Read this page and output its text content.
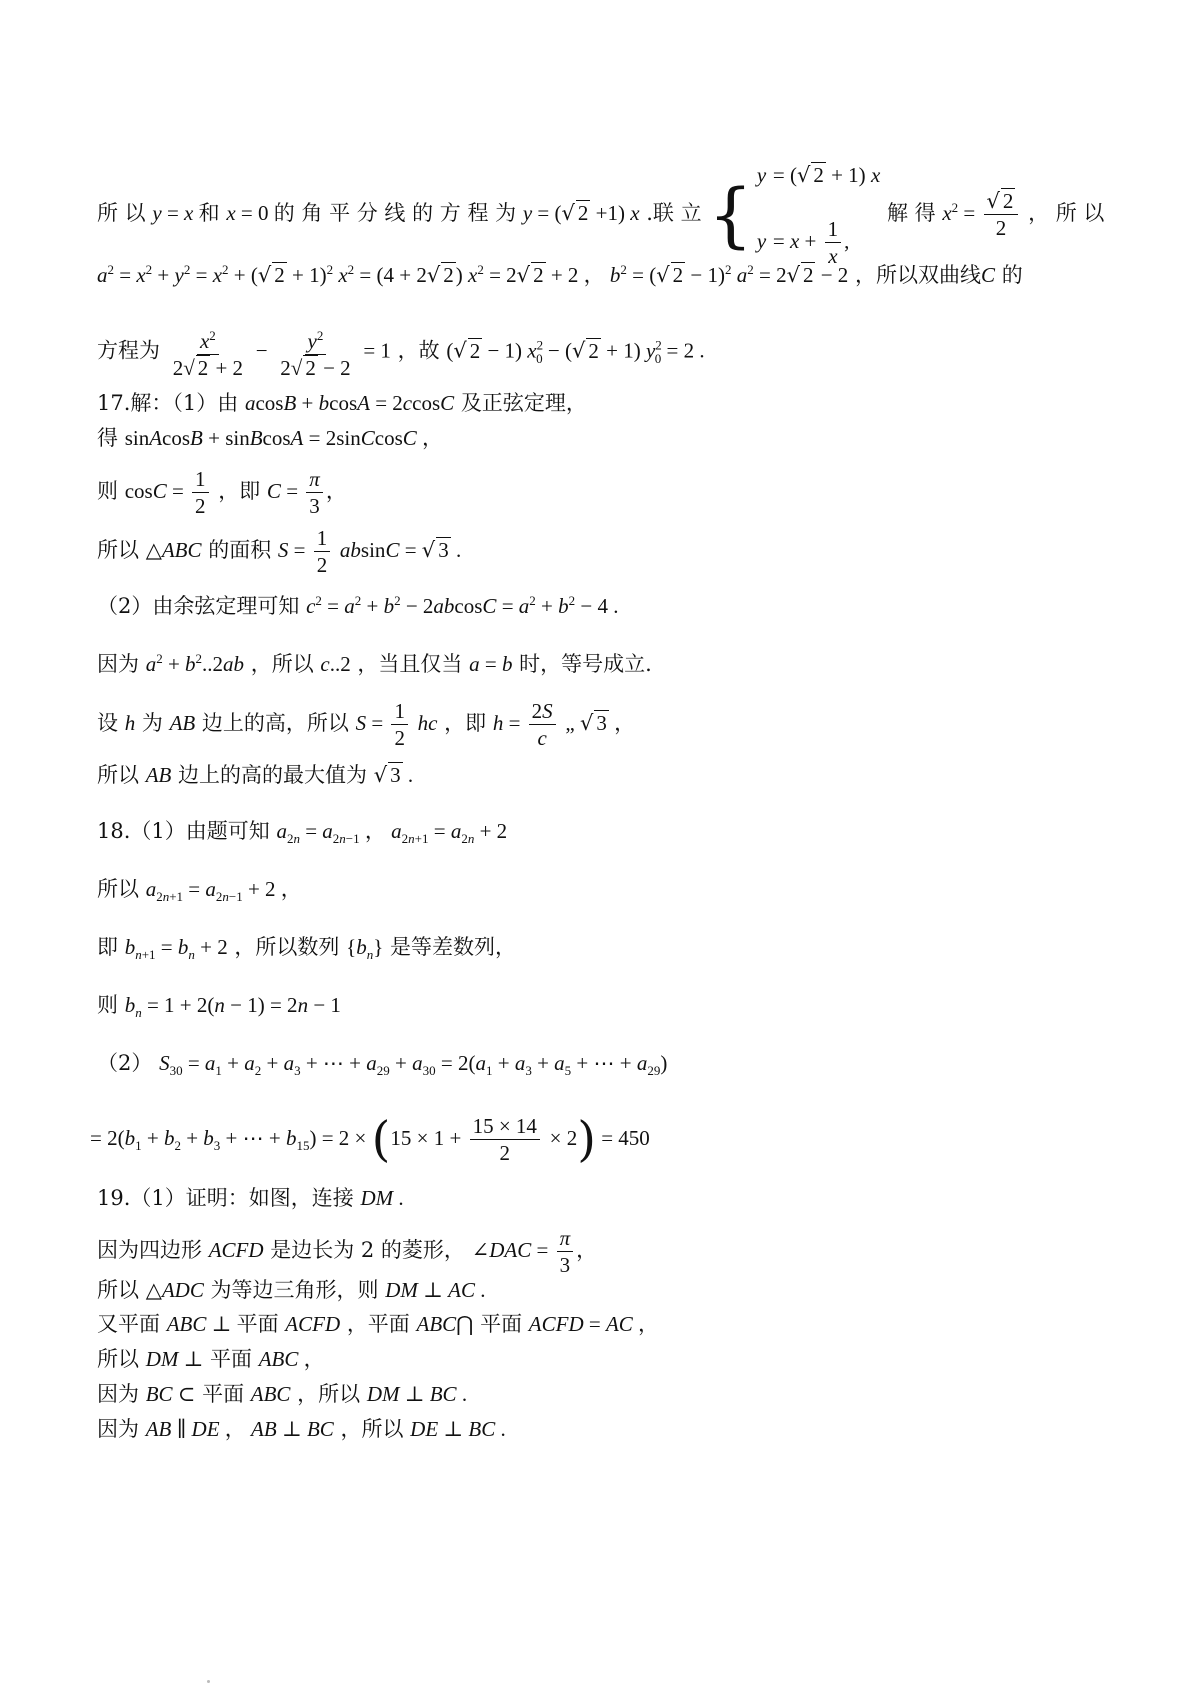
所 以 y = x 和 x = 0 的 角 平 分 线 的 方 程 为 y = (√ 2 +1) x .联 立 { y = (√ 2 + 1) x
$y = x + \frac{1}{x}$ ,
解 得 $x^2 = \frac{√ 2}{2}$ ， 所 以
$a^2 = x^2 + y^2 = x^2$ + (√ 2 + 1)$^2$ $x^2 = (4 + 2√$ 2) $x^2 = 2√$ 2 + 2 ， $b^2$ = (√ 2 − 1)$^2$ $a^2 = 2√$ 2 − 2 ，所以双曲线C 的
方程为 $\frac{x^2}{2√ 2 + 2} - \frac{y^2}{2√ 2 - 2} = 1$ ，故 (√ 2 − 1) $x^2_0$ − (√ 2 + 1) $y^2_0 = 2$ .
17.解：（1）由 acosB + bcosA = 2ccosC 及正弦定理，
得 sinAcosB + sinBcosA = 2sinCcosC ，
则 $\cos C = \frac{1}{2}$ ，即 $C = \frac{\pi}{3}$ ，
所以 △ABC 的面积 $S = \frac{1}{2}$ absinC = √ 3 .
（2）由余弦定理可知 $c^2 = a^2 + b^2 - 2abcosC = a^2 + b^2 - 4$ .
因为 $a^2 + b^2..2ab$ ，所以 c..2 ，当且仅当 a = b 时，等号成立.
设 h 为 AB 边上的高，所以 $S = \frac{1}{2}$ hc ，即 $h = \frac{2S}{c}$ „ √ 3 ，
所以 AB 边上的高的最大值为 √ 3 .
18.（1）由题可知 $a_{2n} = a_{2n-1}$ ， $a_{2n+1} = a_{2n} + 2$
所以 $a_{2n+1} = a_{2n-1} + 2$ ，
即 $b_{n+1} = b_n + 2$ ，所以数列 $\{b_n\}$ 是等差数列，
则 $b_n = 1 + 2(n - 1) = 2n - 1$
（2） $S_{30} = a_1 + a_2 + a_3$ + ⋯ + $a_{29} + a_{30} = 2(a_1 + a_3 + a_5$ + ⋯ + $a_{29}$)
= $2(b_1 + b_2 + b_3$ + ⋯ + $b_{15}) = 2 \times (15 \times 1 + \frac{15 \times 14}{2} \times 2) = 450$
19.（1）证明：如图，连接 DM .
因为四边形 ACFD 是边长为 2 的菱形， ∠DAC = $\frac{\pi}{3}$ ，
所以 △ADC 为等边三角形，则 DM ⊥ AC .
又平面 ABC ⊥ 平面 ACFD ，平面 ABC⋂ 平面 ACFD = AC ，
所以 DM ⊥ 平面 ABC ，
因为 BC ⊂ 平面 ABC ，所以 DM ⊥ BC .
因为 AB ∥ DE ， AB ⊥ BC ，所以 DE ⊥ BC .
